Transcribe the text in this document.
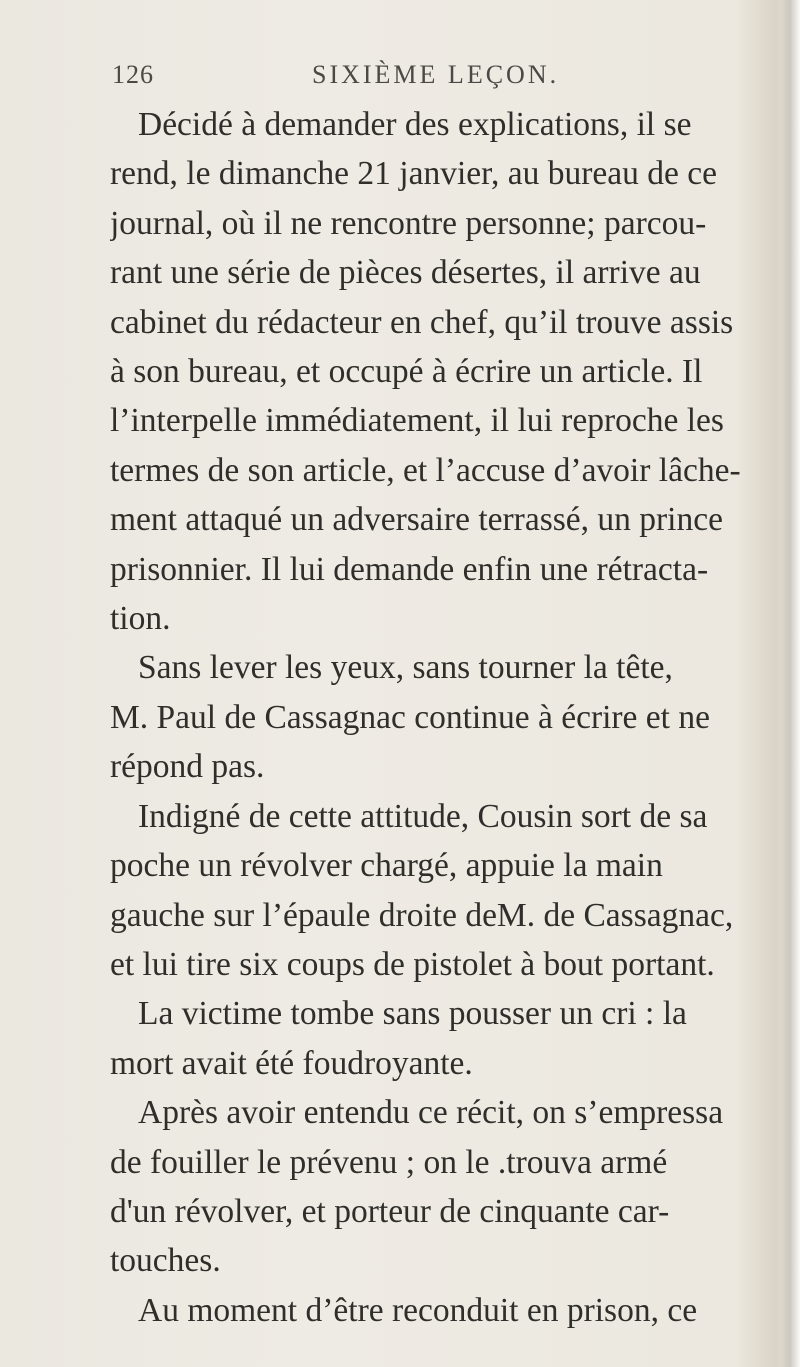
126	SIXIÈME LEÇON.
Décidé à demander des explications, il se
rend, le dimanche 21 janvier, au bureau de ce
journal, où il ne rencontre personne; parcou-
rant une série de pièces désertes, il arrive au
cabinet du rédacteur en chef, qu’il trouve assis
à son bureau, et occupé à écrire un article. Il
l’interpelle immédiatement, il lui reproche les
termes de son article, et l’accuse d’avoir lâche-
ment attaqué un adversaire terrassé, un prince
prisonnier. Il lui demande enfin une rétracta-
tion.
Sans lever les yeux, sans tourner la tête,
M. Paul de Cassagnac continue à écrire et ne
répond pas.
Indigné de cette attitude, Cousin sort de sa
poche un révolver chargé, appuie la main
gauche sur l’épaule droite deM. de Cassagnac,
et lui tire six coups de pistolet à bout portant.
La victime tombe sans pousser un cri : la
mort avait été foudroyante.
Après avoir entendu ce récit, on s’empressa
de fouiller le prévenu ; on le .trouva armé
d'un révolver, et porteur de cinquante car-
touches.
Au moment d’être reconduit en prison, ce
